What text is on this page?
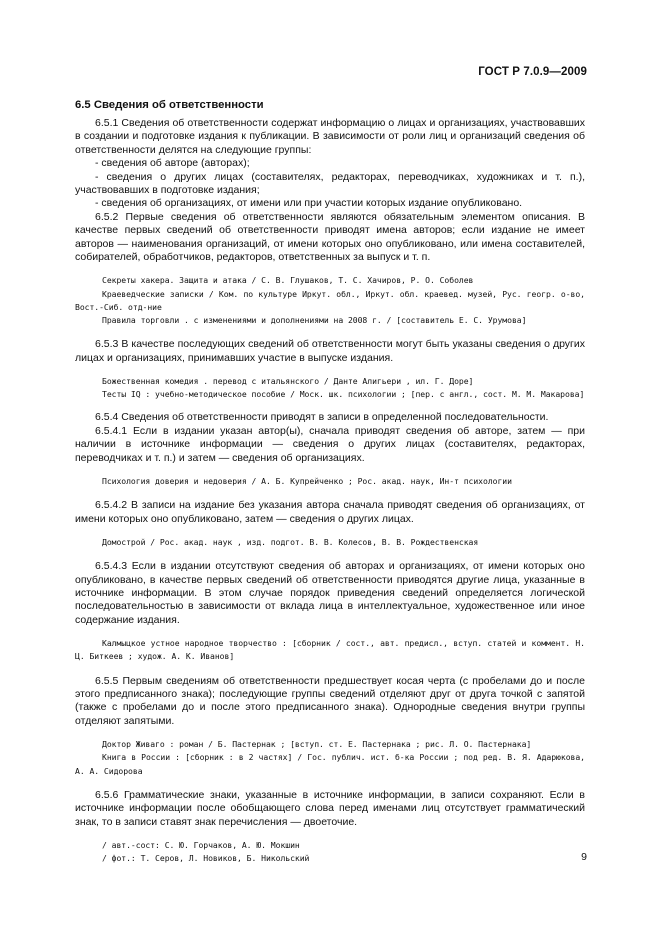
ГОСТ Р 7.0.9—2009
6.5 Сведения об ответственности

6.5.1 Сведения об ответственности содержат информацию о лицах и организациях, участвовавших в создании и подготовке издания к публикации. В зависимости от роли лиц и организаций сведения об ответственности делятся на следующие группы:

- сведения об авторе (авторах);

- сведения о других лицах (составителях, редакторах, переводчиках, художниках и т. п.), участвовавших в подготовке издания;

- сведения об организациях, от имени или при участии которых издание опубликовано.

6.5.2 Первые сведения об ответственности являются обязательным элементом описания. В качестве первых сведений об ответственности приводят имена авторов; если издание не имеет авторов — наименования организаций, от имени которых оно опубликовано, или имена составителей, собирателей, обработчиков, редакторов, ответственных за выпуск и т. п.

Секреты хакера. Защита и атака / С. В. Глушаков, Т. С. Хачиров, Р. О. Соболев

Краеведческие записки / Ком. по культуре Иркут. обл., Иркут. обл. краевед. музей, Рус. геогр. о-во, Вост.-Сиб. отд-ние

Правила торговли . с изменениями и дополнениями на 2008 г. / [составитель Е. С. Урумова]

6.5.3 В качестве последующих сведений об ответственности могут быть указаны сведения о других лицах и организациях, принимавших участие в выпуске издания.

Божественная комедия . перевод с итальянского / Данте Алигьери , ил. Г. Доре]

Тесты IQ : учебно-методическое пособие / Моск. шк. психологии ; [пер. с англ., сост. М. М. Макарова]

6.5.4 Сведения об ответственности приводят в записи в определенной последовательности.

6.5.4.1 Если в издании указан автор(ы), сначала приводят сведения об авторе, затем — при наличии в источнике информации — сведения о других лицах (составителях, редакторах, переводчиках и т. п.) и затем — сведения об организациях.

Психология доверия и недоверия / А. Б. Купрейченко ; Рос. акад. наук, Ин-т психологии

6.5.4.2 В записи на издание без указания автора сначала приводят сведения об организациях, от имени которых оно опубликовано, затем — сведения о других лицах.

Домострой / Рос. акад. наук , изд. подгот. В. В. Колесов, В. В. Рождественская

6.5.4.3 Если в издании отсутствуют сведения об авторах и организациях, от имени которых оно опубликовано, в качестве первых сведений об ответственности приводятся другие лица, указанные в источнике информации. В этом случае порядок приведения сведений определяется логической последовательностью в зависимости от вклада лица в интеллектуальное, художественное или иное содержание издания.

Калмыцкое устное народное творчество : [сборник / сост., авт. предисл., вступ. статей и коммент. Н. Ц. Биткеев ; худож. А. К. Иванов]

6.5.5 Первым сведениям об ответственности предшествует косая черта (с пробелами до и после этого предписанного знака); последующие группы сведений отделяют друг от друга точкой с запятой (также с пробелами до и после этого предписанного знака). Однородные сведения внутри группы отделяют запятыми.

Доктор Живаго : роман / Б. Пастернак ; [вступ. ст. Е. Пастернака ; рис. Л. О. Пастернака]

Книга в России : [сборник : в 2 частях] / Гос. публич. ист. б-ка России ; под ред. В. Я. Адарюкова, А. А. Сидорова

6.5.6 Грамматические знаки, указанные в источнике информации, в записи сохраняют. Если в источнике информации после обобщающего слова перед именами лиц отсутствует грамматический знак, то в записи ставят знак перечисления — двоеточие.

/ авт.-сост: С. Ю. Горчаков, А. Ю. Мокшин

/ фот.: Т. Серов, Л. Новиков, Б. Никольский	9
